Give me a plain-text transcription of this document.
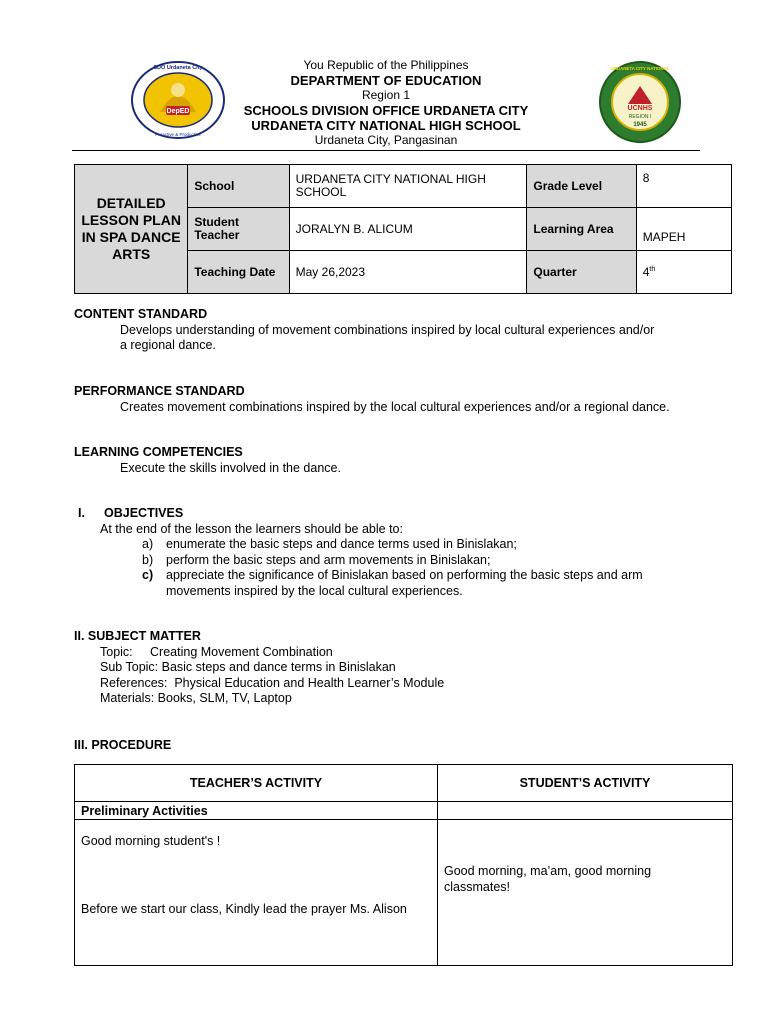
DepED
SDO Urdaneta City
Proactive & Productive
UCNHS
REGION I
1945
URDANETA CITY NATIONAL
You Republic of the Philippines
DEPARTMENT OF EDUCATION
Region 1
SCHOOLS DIVISION OFFICE URDANETA CITY
URDANETA CITY NATIONAL HIGH SCHOOL
Urdaneta City, Pangasinan
DETAILED LESSON PLAN IN SPA DANCE ARTS	School	URDANETA CITY NATIONAL HIGH SCHOOL	Grade Level	8
	Student Teacher	JORALYN B. ALICUM	Learning Area	MAPEH
	Teaching Date	May 26,2023	Quarter	4th
CONTENT STANDARD
Develops understanding of movement combinations inspired by local cultural experiences and/or
a regional dance.
PERFORMANCE STANDARD
Creates movement combinations inspired by the local cultural experiences and/or a regional dance.
LEARNING COMPETENCIES
Execute the skills involved in the dance.
I. OBJECTIVES
At the end of the lesson the learners should be able to:
a)	enumerate the basic steps and dance terms used in Binislakan;
b)	perform the basic steps and arm movements in Binislakan;
c)	appreciate the significance of Binislakan based on performing the basic steps and arm movements inspired by the local cultural experiences.
II. SUBJECT MATTER
Topic:     Creating Movement Combination
Sub Topic: Basic steps and dance terms in Binislakan
References:  Physical Education and Health Learner’s Module
Materials: Books, SLM, TV, Laptop
III. PROCEDURE
TEACHER’S ACTIVITY	STUDENT’S ACTIVITY
Preliminary Activities	

Good morning student's !
Before we start our class, Kindly lead the prayer Ms. Alison	Good morning, ma’am, good morning classmates!
